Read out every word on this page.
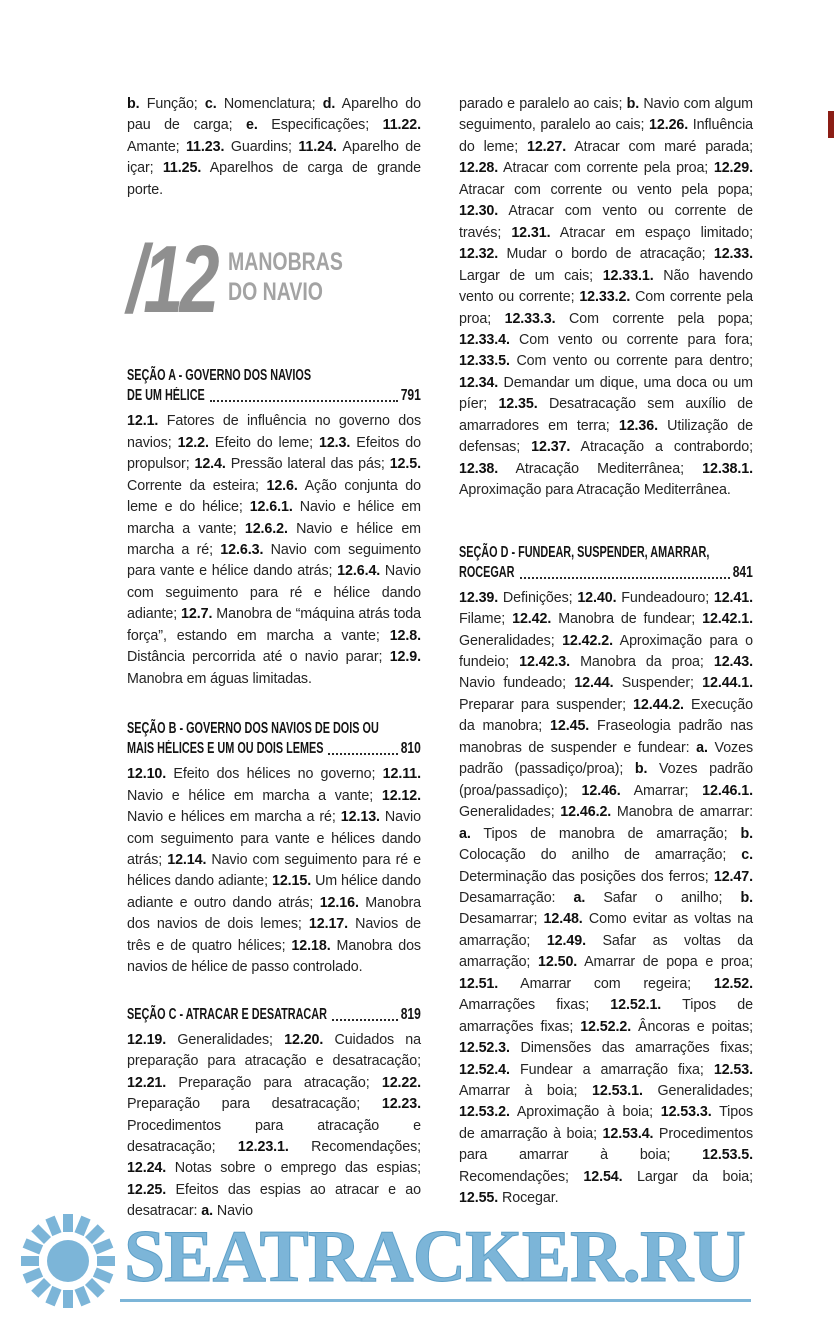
b. Função; c. Nomenclatura; d. Aparelho do pau de carga; e. Especificações; 11.22. Amante; 11.23. Guardins; 11.24. Aparelho de içar; 11.25. Aparelhos de carga de grande porte.

/12 MANOBRAS
DO NAVIO
SEÇÃO A - GOVERNO DOS NAVIOS
DE UM HÉLICE	791

12.1. Fatores de influência no governo dos navios; 12.2. Efeito do leme; 12.3. Efeitos do propulsor; 12.4. Pressão lateral das pás; 12.5. Corrente da esteira; 12.6. Ação conjunta do leme e do hélice; 12.6.1. Navio e hélice em marcha a vante; 12.6.2. Navio e hélice em marcha a ré; 12.6.3. Navio com seguimento para vante e hélice dando atrás; 12.6.4. Navio com seguimento para ré e hélice dando adiante; 12.7. Manobra de “máquina atrás toda força”, estando em marcha a vante; 12.8. Distância percorrida até o navio parar; 12.9. Manobra em águas limitadas.

SEÇÃO B - GOVERNO DOS NAVIOS DE DOIS OU
MAIS HÉLICES E UM OU DOIS LEMES	810

12.10. Efeito dos hélices no governo; 12.11. Navio e hélice em marcha a vante; 12.12. Navio e hélices em marcha a ré; 12.13. Navio com seguimento para vante e hélices dando atrás; 12.14. Navio com seguimento para ré e hélices dando adiante; 12.15. Um hélice dando adiante e outro dando atrás; 12.16. Manobra dos navios de dois lemes; 12.17. Navios de três e de quatro hélices; 12.18. Manobra dos navios de hélice de passo controlado.

SEÇÃO C - ATRACAR E DESATRACAR	819

12.19. Generalidades; 12.20. Cuidados na preparação para atracação e desatracação; 12.21. Preparação para atracação; 12.22. Preparação para desatracação; 12.23. Procedimentos para atracação e desatracação; 12.23.1. Recomendações; 12.24. Notas sobre o emprego das espias; 12.25. Efeitos das espias ao atracar e ao desatracar: a. Navio

parado e paralelo ao cais; b. Navio com algum seguimento, paralelo ao cais; 12.26. Influência do leme; 12.27. Atracar com maré parada; 12.28. Atracar com corrente pela proa; 12.29. Atracar com corrente ou vento pela popa; 12.30. Atracar com vento ou corrente de través; 12.31. Atracar em espaço limitado; 12.32. Mudar o bordo de atracação; 12.33. Largar de um cais; 12.33.1. Não havendo vento ou corrente; 12.33.2. Com corrente pela proa; 12.33.3. Com corrente pela popa; 12.33.4. Com vento ou corrente para fora; 12.33.5. Com vento ou corrente para dentro; 12.34. Demandar um dique, uma doca ou um píer; 12.35. Desatracação sem auxílio de amarradores em terra; 12.36. Utilização de defensas; 12.37. Atracação a contrabordo; 12.38. Atracação Mediterrânea; 12.38.1. Aproximação para Atracação Mediterrânea.

SEÇÃO D - FUNDEAR, SUSPENDER, AMARRAR,
ROCEGAR	841

12.39. Definições; 12.40. Fundeadouro; 12.41. Filame; 12.42. Manobra de fundear; 12.42.1. Generalidades; 12.42.2. Aproximação para o fundeio; 12.42.3. Manobra da proa; 12.43. Navio fundeado; 12.44. Suspender; 12.44.1. Preparar para suspender; 12.44.2. Execução da manobra; 12.45. Fraseologia padrão nas manobras de suspender e fundear: a. Vozes padrão (passadiço/proa); b. Vozes padrão (proa/passadiço); 12.46. Amarrar; 12.46.1. Generalidades; 12.46.2. Manobra de amarrar: a. Tipos de manobra de amarração; b. Colocação do anilho de amarração; c. Determinação das posições dos ferros; 12.47. Desamarração: a. Safar o anilho; b. Desamarrar; 12.48. Como evitar as voltas na amarração; 12.49. Safar as voltas da amarração; 12.50. Amarrar de popa e proa; 12.51. Amarrar com regeira; 12.52. Amarrações fixas; 12.52.1. Tipos de amarrações fixas; 12.52.2. Âncoras e poitas; 12.52.3. Dimensões das amarrações fixas; 12.52.4. Fundear a amarração fixa; 12.53. Amarrar à boia; 12.53.1. Generalidades; 12.53.2. Aproximação à boia; 12.53.3. Tipos de amarração à boia; 12.53.4. Procedimentos para amarrar à boia; 12.53.5. Recomendações; 12.54. Largar da boia; 12.55. Rocegar.

SEATRACKER.RU
